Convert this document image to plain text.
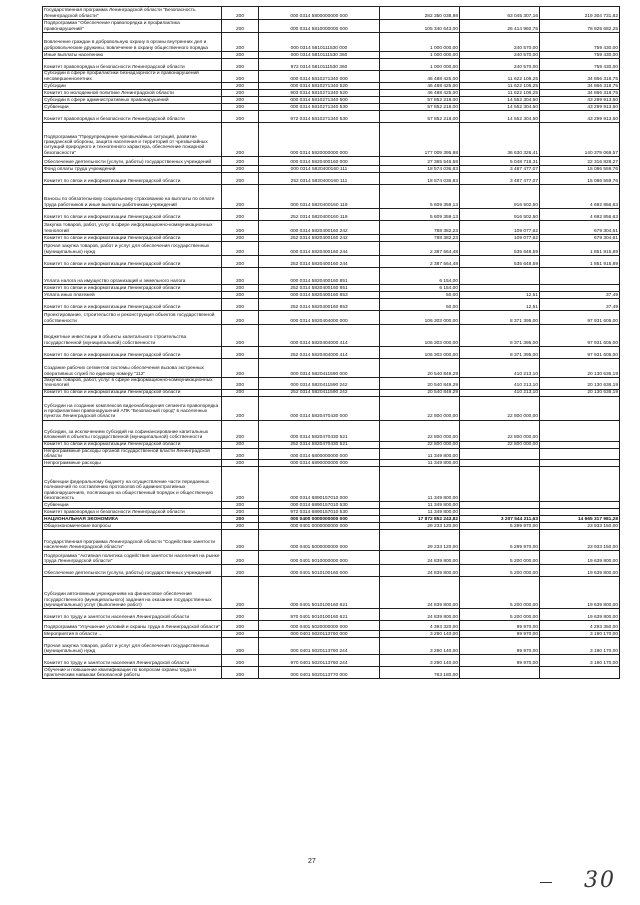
Государственная программа Ленинградской области "Безопасность Ленинградской области"	200	000 0314 5800000000 000	282 350 038,98	63 045 307,16	219 304 731,82
Подпрограмма "Обеспечение правопорядка и профилактика правонарушений"	200	000 0314 5810000000 000	105 340 643,00	26 414 960,75	78 925 682,25
Вовлечение граждан в добровольную охрану в органы внутренних дел и добровольческие дружины, вовлечение в охрану общественного порядка	200	000 0314 5810111530 000	1 000 000,00	240 570,00	759 430,00
Иные выплаты населению	200	000 0314 5810111530 360	1 000 000,00	240 570,00	759 430,00
Комитет правопорядка и безопасности Ленинградской области	200	972 0314 5810111530 360	1 000 000,00	240 570,00	759 430,00
Субсидии в сфере профилактики безнадзорности и правонарушений несовершеннолетних	200	000 0314 5810271340 000	46 488 425,00	11 622 106,25	34 866 318,75
Субсидии	200	000 0314 5810271340 520	46 488 425,00	11 622 106,25	34 866 318,75
Комитет по молодежной политике Ленинградской области	200	903 0314 5810271340 520	46 488 425,00	11 622 106,25	34 866 318,75
Субсидии в сфере административных правонарушений	200	000 0314 5810271340 500	57 852 218,00	14 552 304,50	43 299 913,50
Субвенции	200	000 0314 5810271340 530	57 852 218,00	14 552 304,50	43 299 913,50
Комитет правопорядка и безопасности Ленинградской области	200	972 0314 5810271340 530	57 852 218,00	14 552 304,50	43 299 913,50
Подпрограмма "Предупреждение чрезвычайных ситуаций, развитие гражданской обороны, защита населения и территорий от чрезвычайных ситуаций природного и техногенного характера, обеспечение пожарной безопасности"	200	000 0314 5820000000 000	177 009 395,98	36 630 326,41	140 379 069,57
Обеспечение деятельности (услуги, работы) государственных учреждений	200	000 0314 5820400160 000	27 365 546,58	5 048 718,31	22 316 828,27
Фонд оплаты труда учреждений	200	000 0314 5820400160 111	18 574 036,83	3 487 477,07	15 086 559,76
Комитет по связи и информатизации Ленинградской области	200	252 0314 5820400160 111	18 574 036,83	3 487 477,07	15 086 559,76
Взносы по обязательному социальному страхованию на выплаты по оплате труда работников и иные выплаты работникам учреждений	200	000 0314 5820400160 119	5 609 359,13	916 502,50	4 692 856,63
Комитет по связи и информатизации Ленинградской области	200	252 0314 5820400160 119	5 609 359,13	916 502,50	4 692 856,63
Закупка товаров, работ, услуг в сфере информационно-коммуникационных технологий	200	000 0314 5820400160 242	788 382,23	109 077,62	679 304,61
Комитет по связи и информатизации Ленинградской области	200	252 0314 5820400160 242	788 382,23	109 077,62	679 304,61
Прочая закупка товаров, работ и услуг для обеспечения государственных (муниципальных) нужд	200	000 0314 5820400160 244	2 387 564,48	535 648,59	1 851 915,89
Комитет по связи и информатизации Ленинградской области	200	252 0314 5820400160 244	2 387 564,48	535 648,59	1 851 915,89
Уплата налога на имущество организаций и земельного налога	200	000 0314 5820400160 851	6 154,00		
Комитет по связи и информатизации Ленинградской области	200	252 0314 5820400160 851	6 154,00		
Уплата иных платежей	200	000 0314 5820400160 853	50,00	12,51	37,49
Комитет по связи и информатизации Ленинградской области	200	252 0314 5820400160 853	50,00	12,51	37,49
Проектирование, строительство и реконструкция объектов государственной собственности	200	000 0314 5820404000 000	106 303 000,00	8 371 395,00	97 931 605,00
Бюджетные инвестиции в объекты капитального строительства государственной (муниципальной) собственности	200	000 0314 5820404000 414	106 303 000,00	8 371 395,00	97 931 605,00
Комитет по связи и информатизации Ленинградской области	200	252 0314 5820404000 414	106 303 000,00	8 371 395,00	97 931 605,00
Создание рабочих сегментов системы обеспечения вызова экстренных оперативных служб по единому номеру "112"	200	000 0314 5820411590 000	20 540 849,29	410 213,10	20 130 636,19
Закупка товаров, работ, услуг в сфере информационно-коммуникационных технологий	200	000 0314 5820411590 242	20 540 849,29	410 213,10	20 130 636,19
Комитет по связи и информатизации Ленинградской области	200	252 0314 5820411590 242	20 540 849,29	410 213,10	20 130 636,19
Субсидии на создание комплексов видеонаблюдения сегмента правопорядка и профилактики правонарушений АПК "Безопасный город" в населенных пунктах Ленинградской области	200	000 0314 5820470430 000	22 800 000,00	22 800 000,00	
Субсидии, за исключением субсидий на софинансирование капитальных вложений в объекты государственной (муниципальной) собственности	200	000 0314 5820470430 521	22 800 000,00	22 800 000,00	
Комитет по связи и информатизации Ленинградской области	200	252 0314 5820470430 521	22 800 000,00	22 800 000,00	
Непрограммные расходы органов государственной власти Ленинградской области	200	000 0314 6800000000 000	11 349 800,00		
Непрограммные расходы	200	000 0314 6890000000 000	11 349 800,00		
Субвенции федеральному бюджету на осуществление части переданных полномочий по составлению протоколов об административных правонарушениях, посягающих на общественный порядок и общественную безопасность	200	000 0314 6890157010 000	11 349 800,00		
Субвенции	200	000 0314 6890157010 530	11 349 800,00		
Комитет правопорядка и безопасности Ленинградской области	200	972 0314 6890157010 530	11 349 800,00		
НАЦИОНАЛЬНАЯ ЭКОНОМИКА	200	000 0400 0000000000 000	17 872 852 243,82	3 207 544 211,63	14 665 317 981,28
Общеэкономические вопросы	200	000 0401 0000000000 000	29 233 120,00	5 299 970,00	23 933 150,00
Государственная программа Ленинградской области "Содействие занятости населения Ленинградской области"	200	000 0401 5000000000 000	29 233 120,00	5 299 970,00	23 933 150,00
Подпрограмма "Активная политика содействия занятости населения на рынке труда Ленинградской области"	200	000 0401 5010000000 000	24 839 800,00	5 200 000,00	19 639 800,00
Обеспечение деятельности (услуги, работы) государственных учреждений	200	000 0401 5010100160 000	24 839 800,00	5 200 000,00	19 639 800,00
Субсидии автономным учреждениям на финансовое обеспечение государственного (муниципального) задания на оказание государственных (муниципальных) услуг (выполнение работ)	200	000 0401 5010100160 621	24 839 800,00	5 200 000,00	19 639 800,00
Комитет по труду и занятости населения Ленинградской области	200	970 0401 5010100160 621	24 839 800,00	5 200 000,00	19 639 800,00
Подпрограмма "Улучшение условий и охраны труда в Ленинградской области"	200	000 0401 5020000000 000	4 393 320,00	99 970,00	4 293 350,00
Мероприятия в области ...	200	000 0401 5020113760 000	3 290 140,00	99 970,00	3 190 170,00
Прочая закупка товаров, работ и услуг для обеспечения государственных (муниципальных) нужд	200	000 0401 5020113760 244	3 290 140,00	99 970,00	3 190 170,00
Комитет по труду и занятости населения Ленинградской области	200	970 0401 5020113760 244	3 290 140,00	99 970,00	3 190 170,00
Обучение и повышение квалификации по вопросам охраны труда и практическим навыкам безопасной работы	200	000 0401 5020113770 000	763 180,00		
27
30
